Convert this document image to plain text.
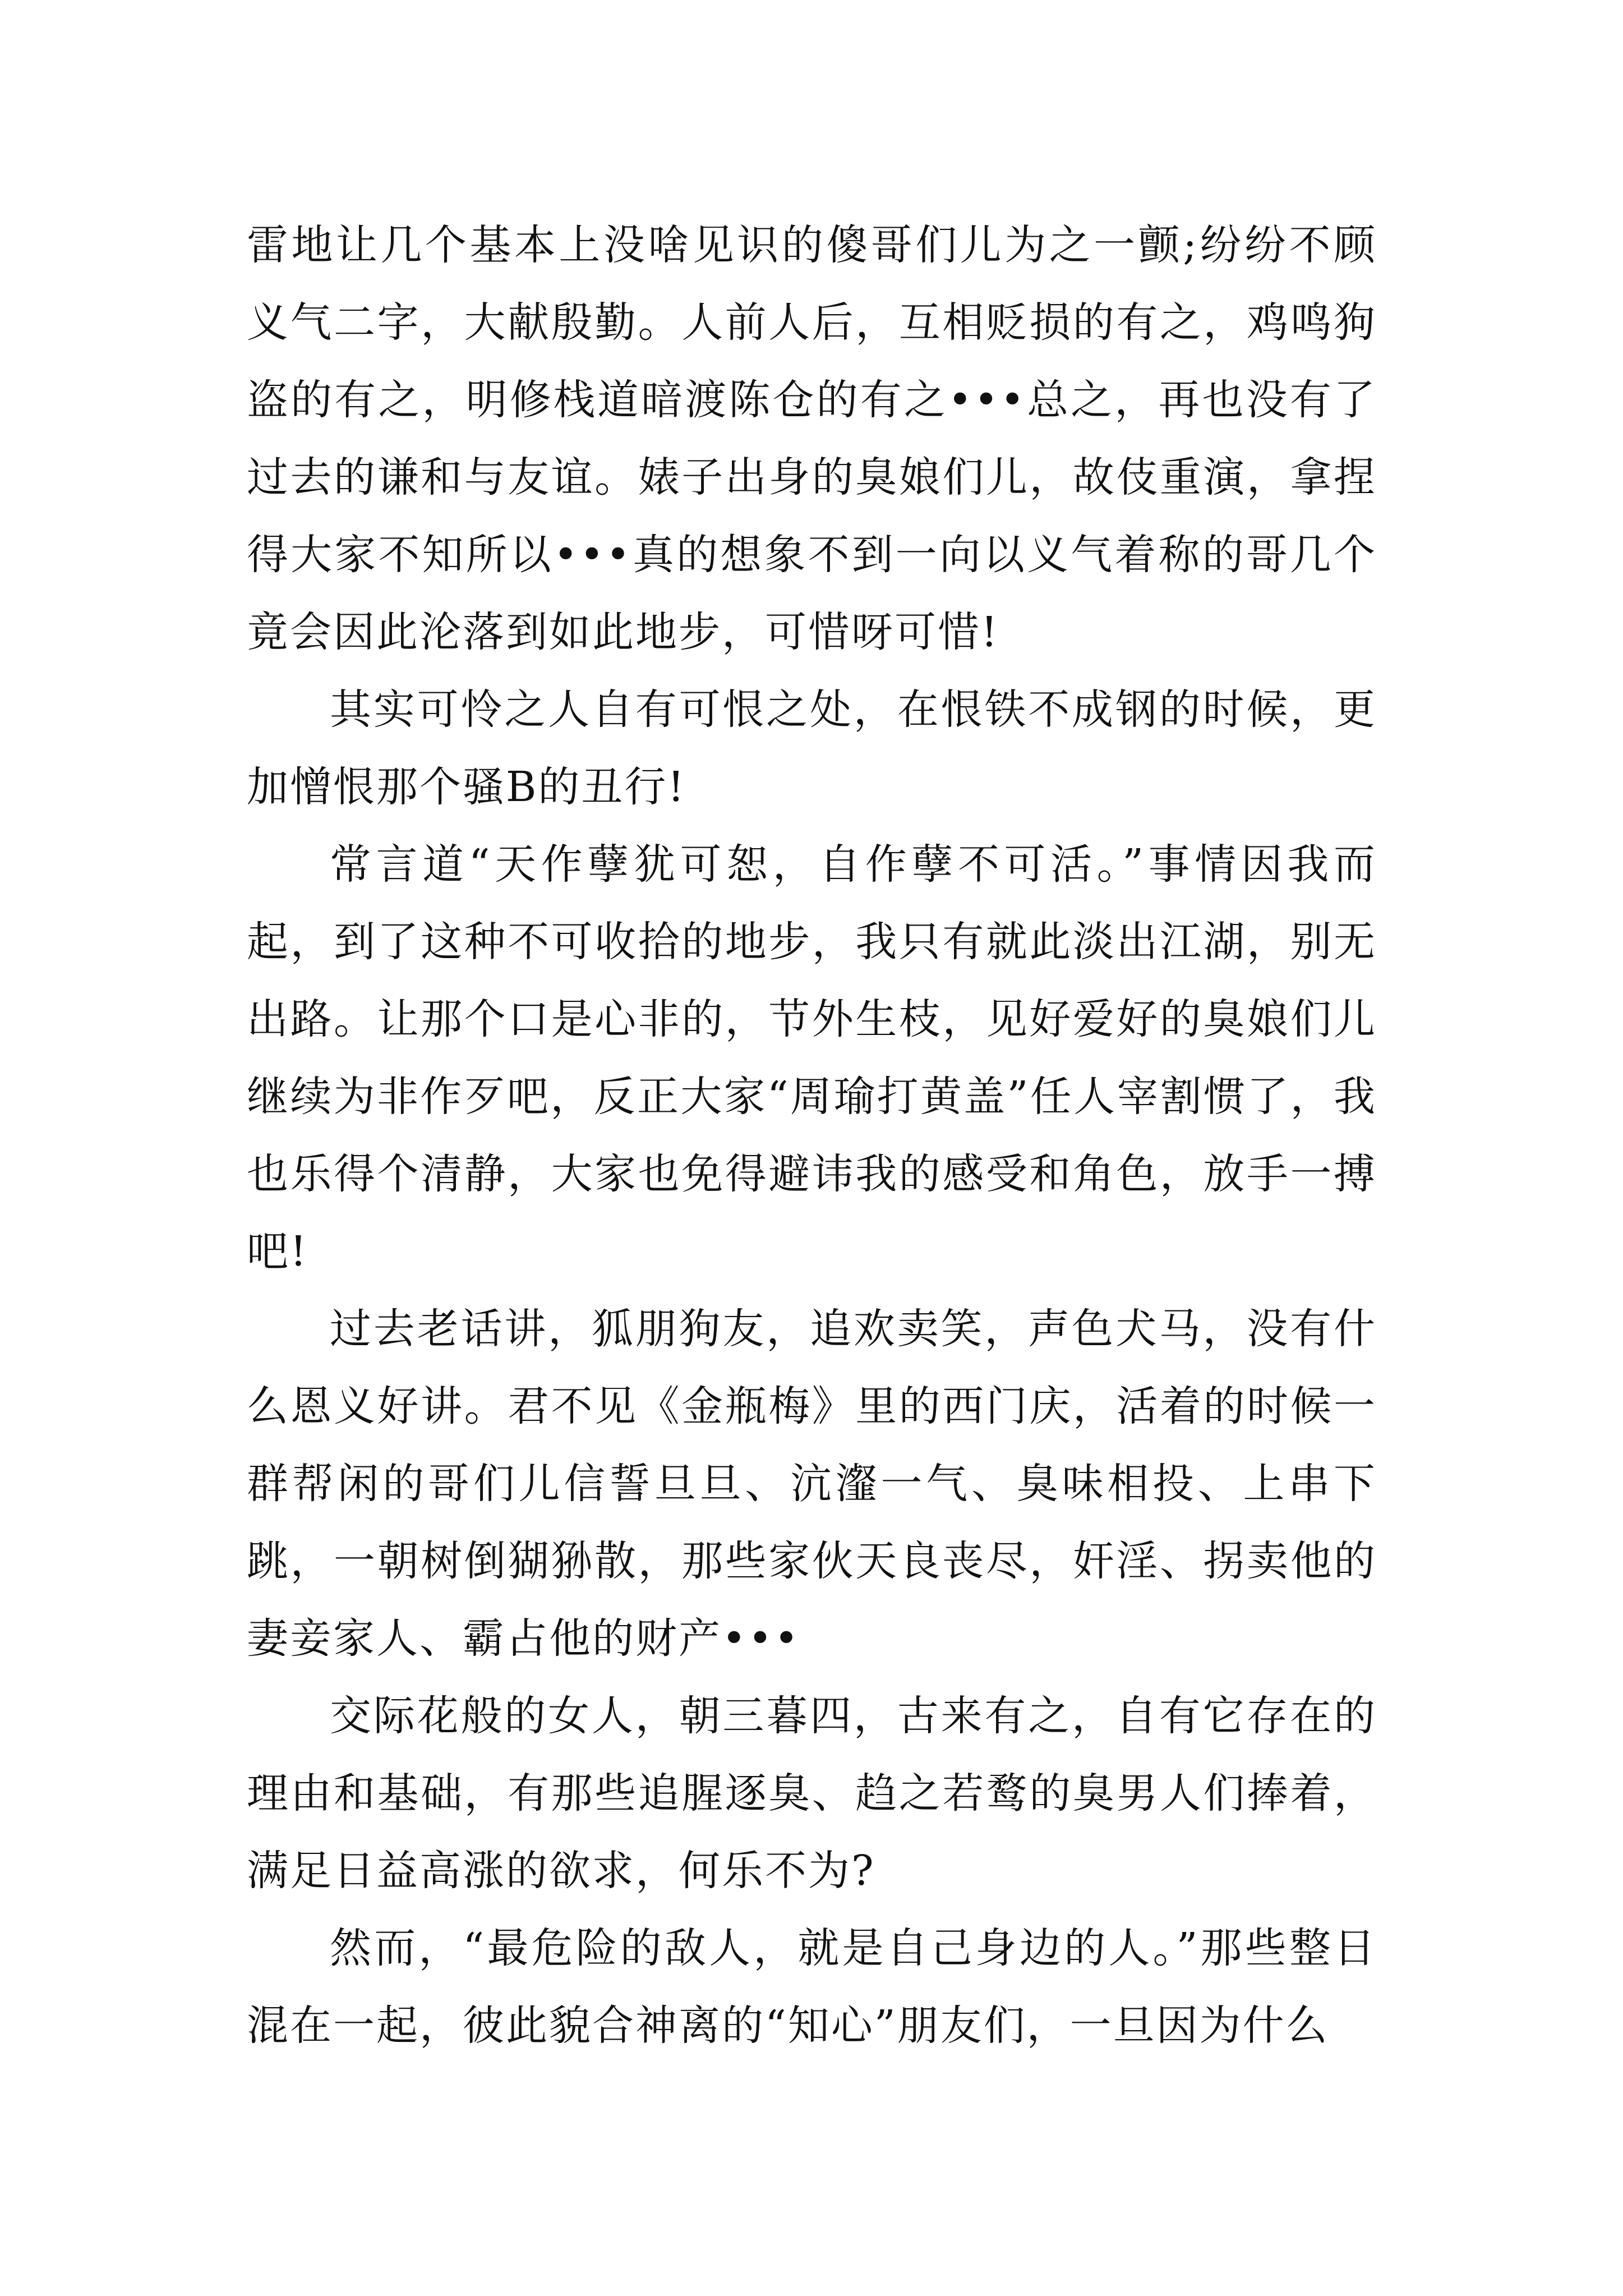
雷地让几个基本上没啥见识的傻哥们儿为之一颤;纷纷不顾义气二字，大献殷勤。人前人后，互相贬损的有之，鸡鸣狗盗的有之，明修栈道暗渡陈仓的有之•••总之，再也没有了过去的谦和与友谊。婊子出身的臭娘们儿，故伎重演，拿捏得大家不知所以•••真的想象不到一向以义气着称的哥几个竟会因此沦落到如此地步，可惜呀可惜!

其实可怜之人自有可恨之处，在恨铁不成钢的时候，更加憎恨那个骚B的丑行!

常言道“天作孽犹可恕，自作孽不可活。”事情因我而起，到了这种不可收拾的地步，我只有就此淡出江湖，别无出路。让那个口是心非的，节外生枝，见好爱好的臭娘们儿继续为非作歹吧，反正大家“周瑜打黄盖”任人宰割惯了，我也乐得个清静，大家也免得避讳我的感受和角色，放手一搏吧!

过去老话讲，狐朋狗友，追欢卖笑，声色犬马，没有什么恩义好讲。君不见《金瓶梅》里的西门庆，活着的时候一群帮闲的哥们儿信誓旦旦、沆瀣一气、臭味相投、上串下跳，一朝树倒猢狲散，那些家伙天良丧尽，奸淫、拐卖他的妻妾家人、霸占他的财产•••

交际花般的女人，朝三暮四，古来有之，自有它存在的理由和基础，有那些追腥逐臭、趋之若鹜的臭男人们捧着，满足日益高涨的欲求，何乐不为?

然而，“最危险的敌人，就是自己身边的人。”那些整日混在一起，彼此貌合神离的“知心”朋友们，一旦因为什么
